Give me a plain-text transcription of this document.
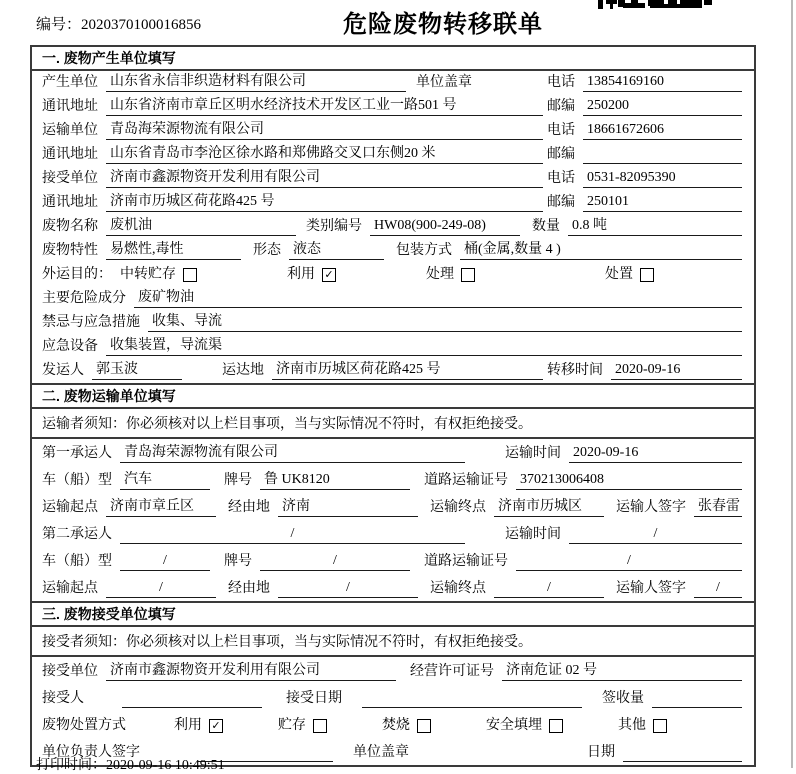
编号：2020370100016856	危险废物转移联单
一. 废物产生单位填写
产生单位 山东省永信非织造材料有限公司	单位盖章	电话 13854169160
通讯地址 山东省济南市章丘区明水经济技术开发区工业一路501 号	邮编 250200
运输单位 青岛海荣源物流有限公司	电话 18661672606
通讯地址 山东省青岛市李沧区徐水路和郑佛路交叉口东侧20 米	邮编
接受单位 济南市鑫源物资开发利用有限公司	电话 0531-82095390
通讯地址 济南市历城区荷花路425 号	邮编 250101
废物名称 废机油	类别编号 HW08(900-249-08)	数量 0.8 吨
废物特性 易燃性,毒性	形态 液态	包装方式 桶(金属,数量 4 )
外运目的： 中转贮存	利用 ✓	处理	处置
主要危险成分 废矿物油
禁忌与应急措施 收集、导流
应急设备 收集装置，导流渠
发运人 郭玉波	运达地 济南市历城区荷花路425 号	转移时间 2020-09-16
二. 废物运输单位填写
运输者须知： 你必须核对以上栏目事项，当与实际情况不符时，有权拒绝接受。
第一承运人 青岛海荣源物流有限公司	运输时间 2020-09-16
车（船）型 汽车	牌号 鲁 UK8120	道路运输证号 370213006408
运输起点 济南市章丘区	经由地 济南	运输终点 济南市历城区	运输人签字 张春雷
第二承运人	/	运输时间	/
车（船）型	/	牌号	/	道路运输证号	/
运输起点	/	经由地	/	运输终点	/	运输人签字	/
三. 废物接受单位填写
接受者须知： 你必须核对以上栏目事项，当与实际情况不符时，有权拒绝接受。
接受单位 济南市鑫源物资开发利用有限公司	经营许可证号 济南危证 02 号
接受人	接受日期	签收量
废物处置方式	利用 ✓	贮存	焚烧	安全填埋	其他
单位负责人签字	单位盖章	日期
打印时间：2020-09-16 10:49:51
